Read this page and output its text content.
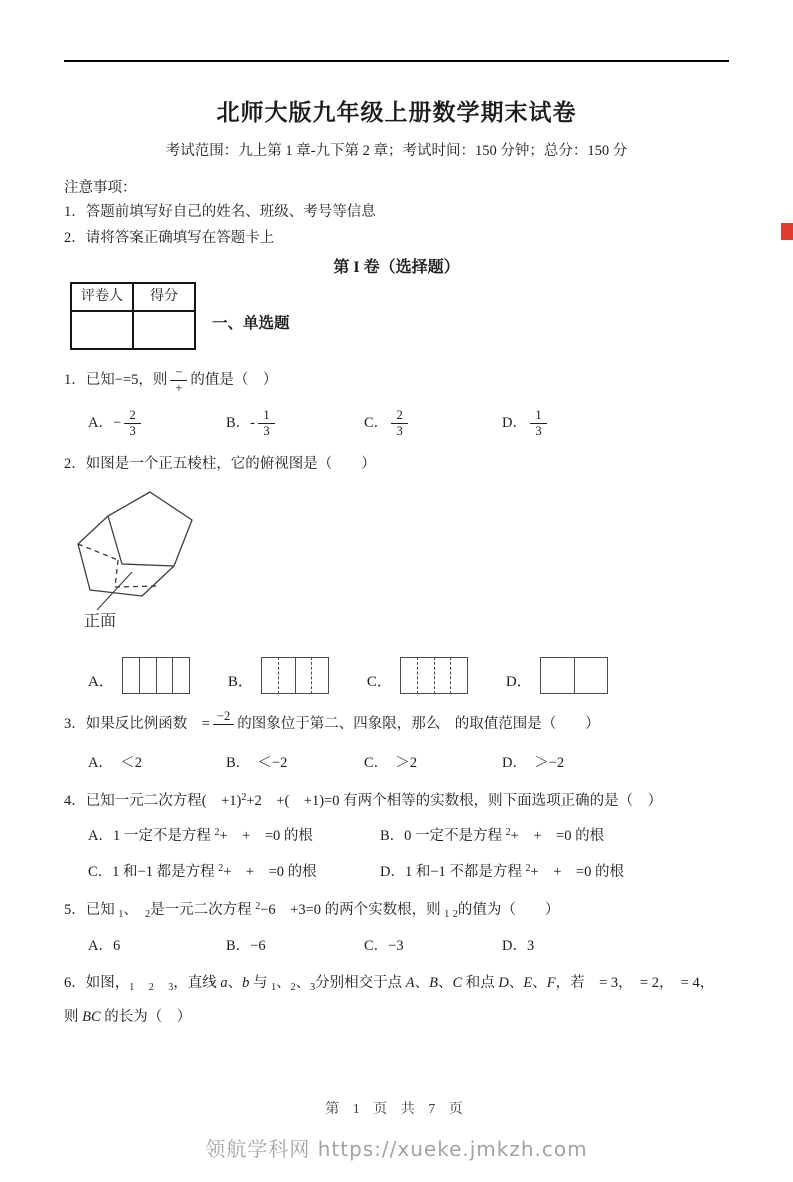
北师大版九年级上册数学期末试卷
考试范围：九上第 1 章-九下第 2 章；考试时间：150 分钟；总分：150 分
注意事项：
1．答题前填写好自己的姓名、班级、考号等信息
2．请将答案正确填写在答题卡上
第 I 卷（选择题）
评卷人	得分

一、单选题
1．已知−=5，则 $\frac{-}{+}$ 的值是（　）
A．− $\frac{2}{3}$	B．- $\frac{1}{3}$	C． $\frac{2}{3}$	D． $\frac{1}{3}$
2．如图是一个正五棱柱，它的俯视图是（　　）
正面
A．	B．	C．	D．
3．如果反比例函数　= −2
　 的图象位于第二、四象限，那么　的取值范围是（　　）
A．　＜2	B．　＜−2	C．　＞2	D．　＞−2
4．已知一元二次方程(　+1)$^2$+2　+(　+1)=0 有两个相等的实数根，则下面选项正确的是（　）
A．1 一定不是方程 $^2$+　+　=0 的根	B．0 一定不是方程 $^2$+　+　=0 的根
C．1 和−1 都是方程 $^2$+　+　=0 的根	D．1 和−1 不都是方程 $^2$+　+　=0 的根
5．已知 $_1$、　$_2$是一元二次方程 $^2$−6　+3=0 的两个实数根，则 $_1$ $_2$的值为（　　）
A．6	B．−6	C．−3	D．3
6．如图，$_1$　 $_2$　 $_3$，直线 a、b 与 $_1$、$_2$、$_3$分别相交于点 A、B、C 和点 D、E、F，若　= 3，　= 2，　= 4，
则 BC 的长为（　）
第 1 页 共 7 页
领航学科网 https://xueke.jmkzh.com
